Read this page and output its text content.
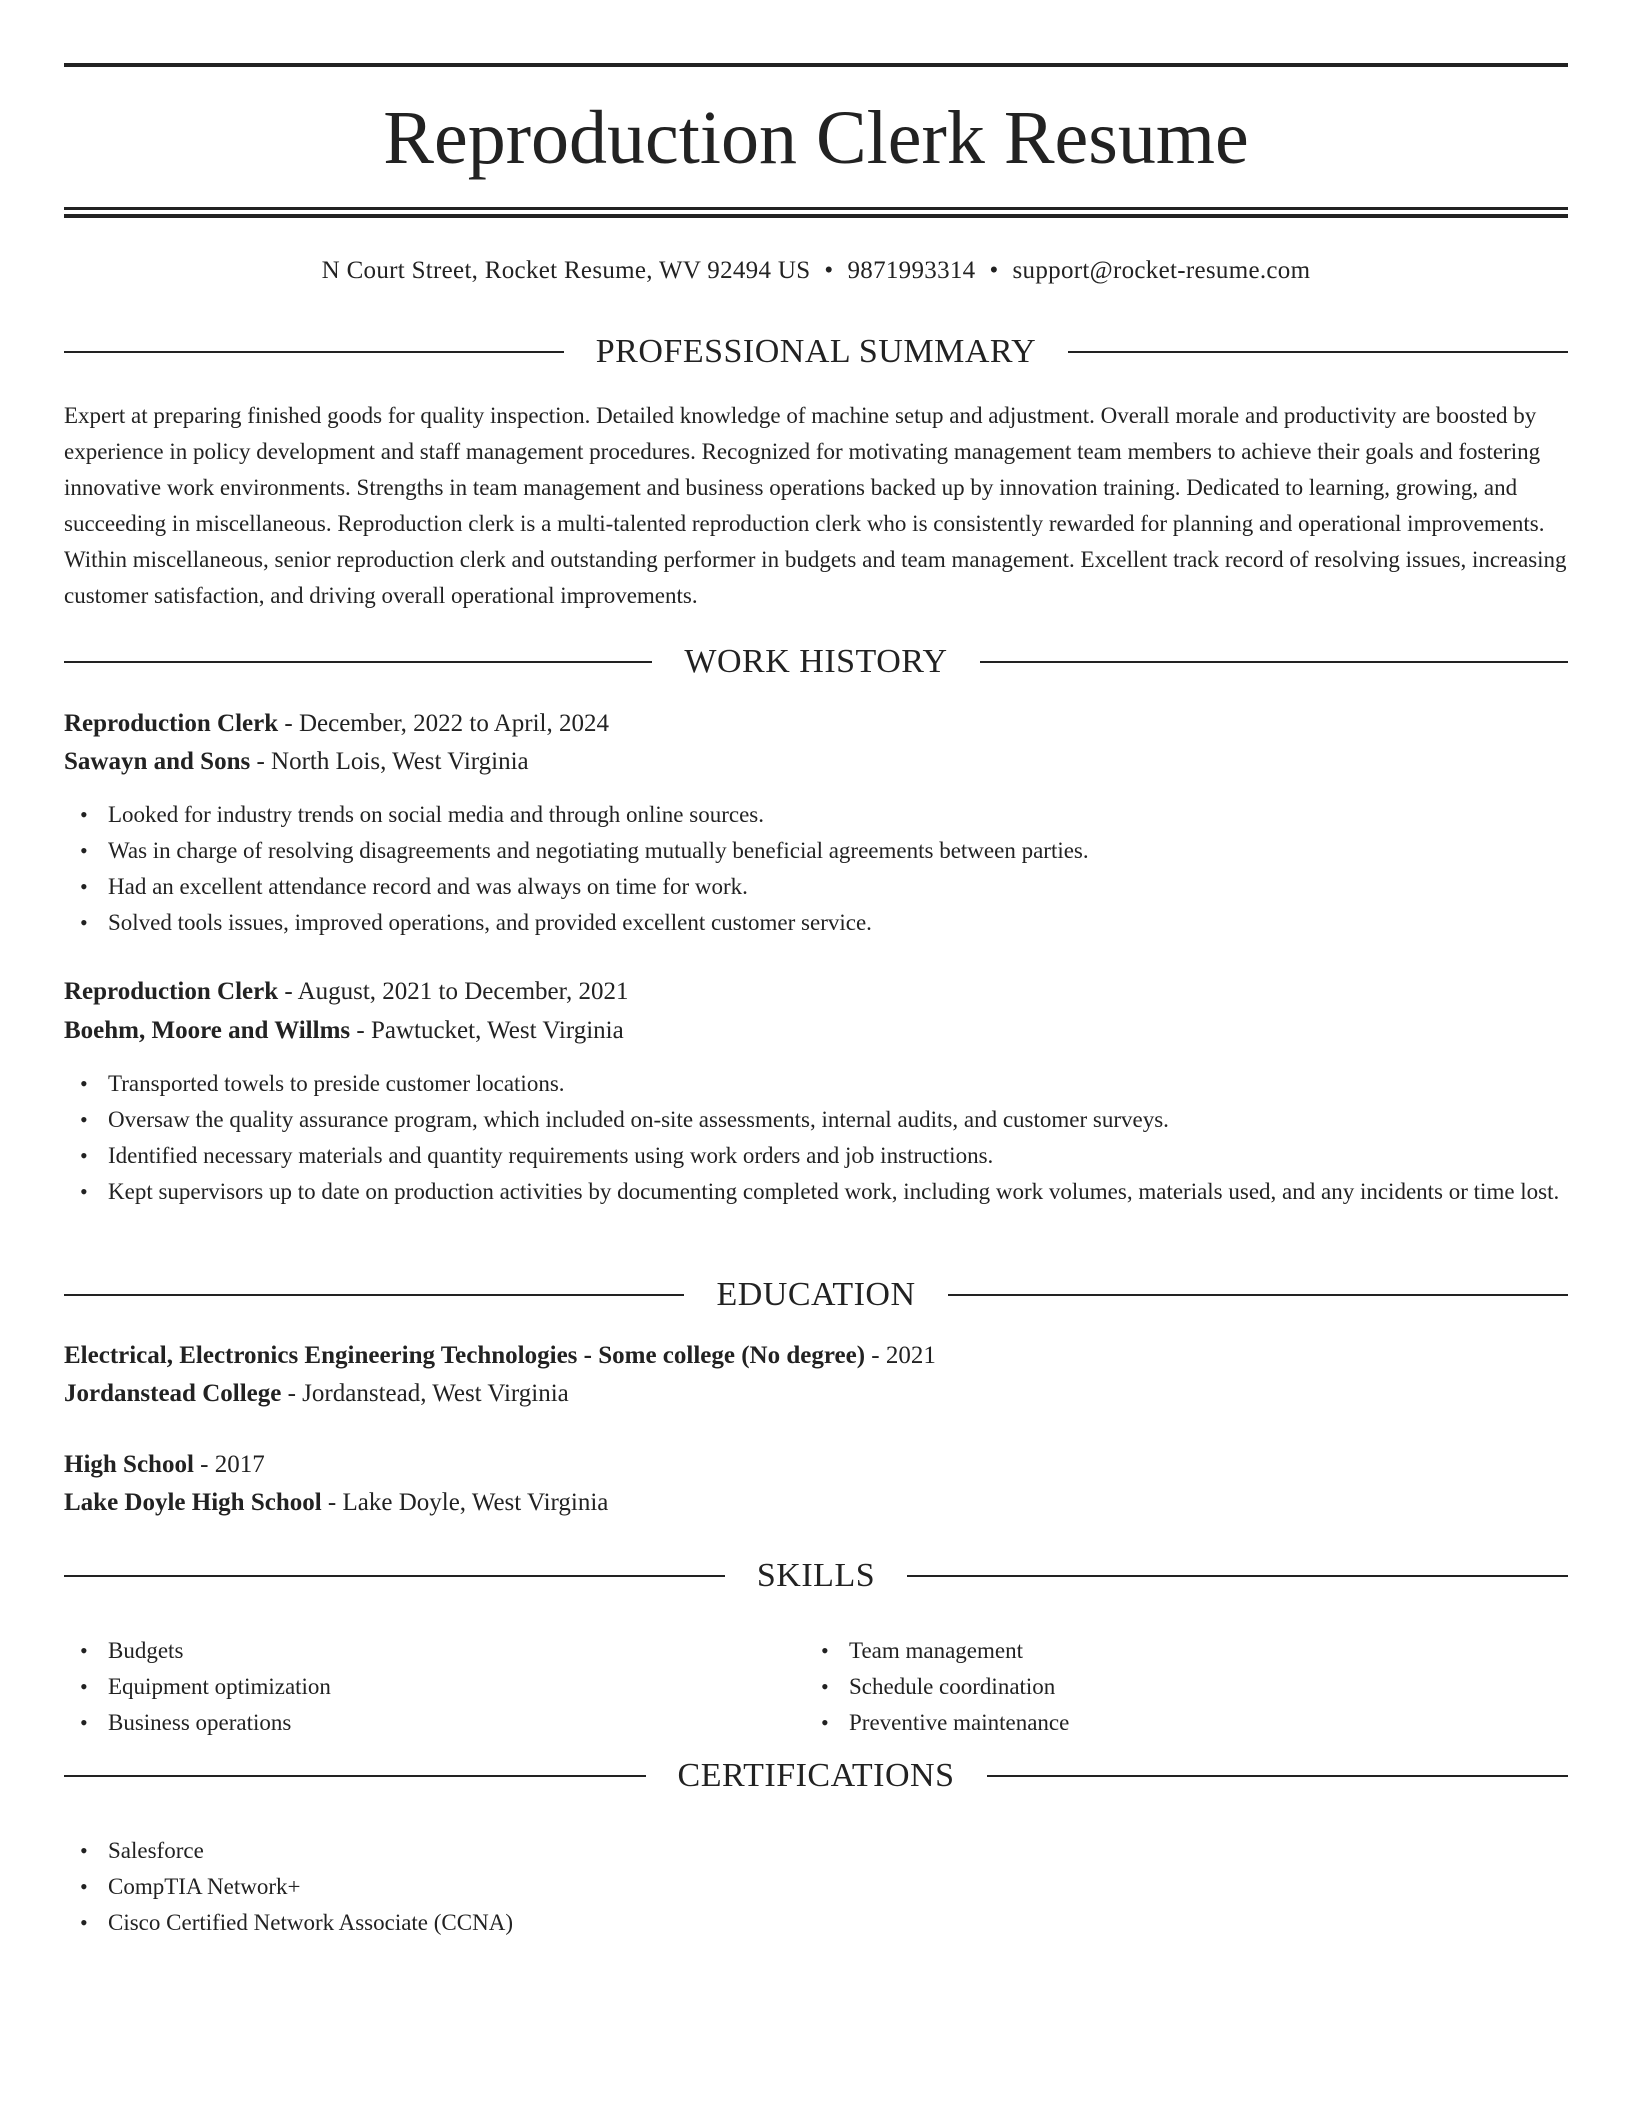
Reproduction Clerk Resume
N Court Street, Rocket Resume, WV 92494 US • 9871993314 • support@rocket-resume.com
PROFESSIONAL SUMMARY
Expert at preparing finished goods for quality inspection. Detailed knowledge of machine setup and adjustment. Overall morale and productivity are boosted by experience in policy development and staff management procedures. Recognized for motivating management team members to achieve their goals and fostering innovative work environments. Strengths in team management and business operations backed up by innovation training. Dedicated to learning, growing, and succeeding in miscellaneous. Reproduction clerk is a multi-talented reproduction clerk who is consistently rewarded for planning and operational improvements. Within miscellaneous, senior reproduction clerk and outstanding performer in budgets and team management. Excellent track record of resolving issues, increasing customer satisfaction, and driving overall operational improvements.
WORK HISTORY
Reproduction Clerk - December, 2022 to April, 2024
Sawayn and Sons - North Lois, West Virginia
• Looked for industry trends on social media and through online sources.
• Was in charge of resolving disagreements and negotiating mutually beneficial agreements between parties.
• Had an excellent attendance record and was always on time for work.
• Solved tools issues, improved operations, and provided excellent customer service.
Reproduction Clerk - August, 2021 to December, 2021
Boehm, Moore and Willms - Pawtucket, West Virginia
• Transported towels to preside customer locations.
• Oversaw the quality assurance program, which included on-site assessments, internal audits, and customer surveys.
• Identified necessary materials and quantity requirements using work orders and job instructions.
• Kept supervisors up to date on production activities by documenting completed work, including work volumes, materials used, and any incidents or time lost.
EDUCATION
Electrical, Electronics Engineering Technologies - Some college (No degree) - 2021
Jordanstead College - Jordanstead, West Virginia
High School - 2017
Lake Doyle High School - Lake Doyle, West Virginia
SKILLS
• Budgets
• Equipment optimization
• Business operations
• Team management
• Schedule coordination
• Preventive maintenance
CERTIFICATIONS
• Salesforce
• CompTIA Network+
• Cisco Certified Network Associate (CCNA)
